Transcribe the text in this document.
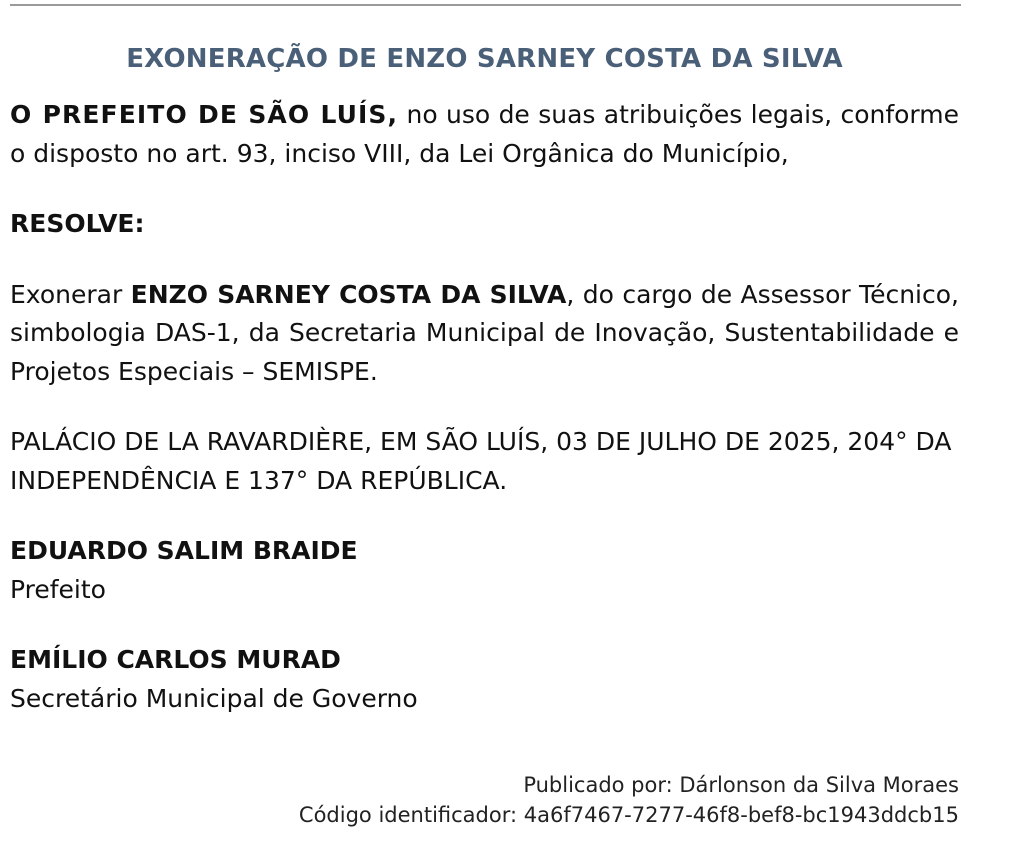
EXONERAÇÃO DE ENZO SARNEY COSTA DA SILVA

O PREFEITO DE SÃO LUÍS, no uso de suas atribuições legais, conforme o disposto no art. 93, inciso VIII, da Lei Orgânica do Município,

RESOLVE:

Exonerar ENZO SARNEY COSTA DA SILVA, do cargo de Assessor Técnico, simbologia DAS-1, da Secretaria Municipal de Inovação, Sustentabilidade e Projetos Especiais – SEMISPE.

PALÁCIO DE LA RAVARDIÈRE, EM SÃO LUÍS, 03 DE JULHO DE 2025, 204° DA INDEPENDÊNCIA E 137° DA REPÚBLICA.

EDUARDO SALIM BRAIDE

Prefeito

EMÍLIO CARLOS MURAD

Secretário Municipal de Governo

Publicado por: Dárlonson da Silva Moraes
Código identificador: 4a6f7467-7277-46f8-bef8-bc1943ddcb15
